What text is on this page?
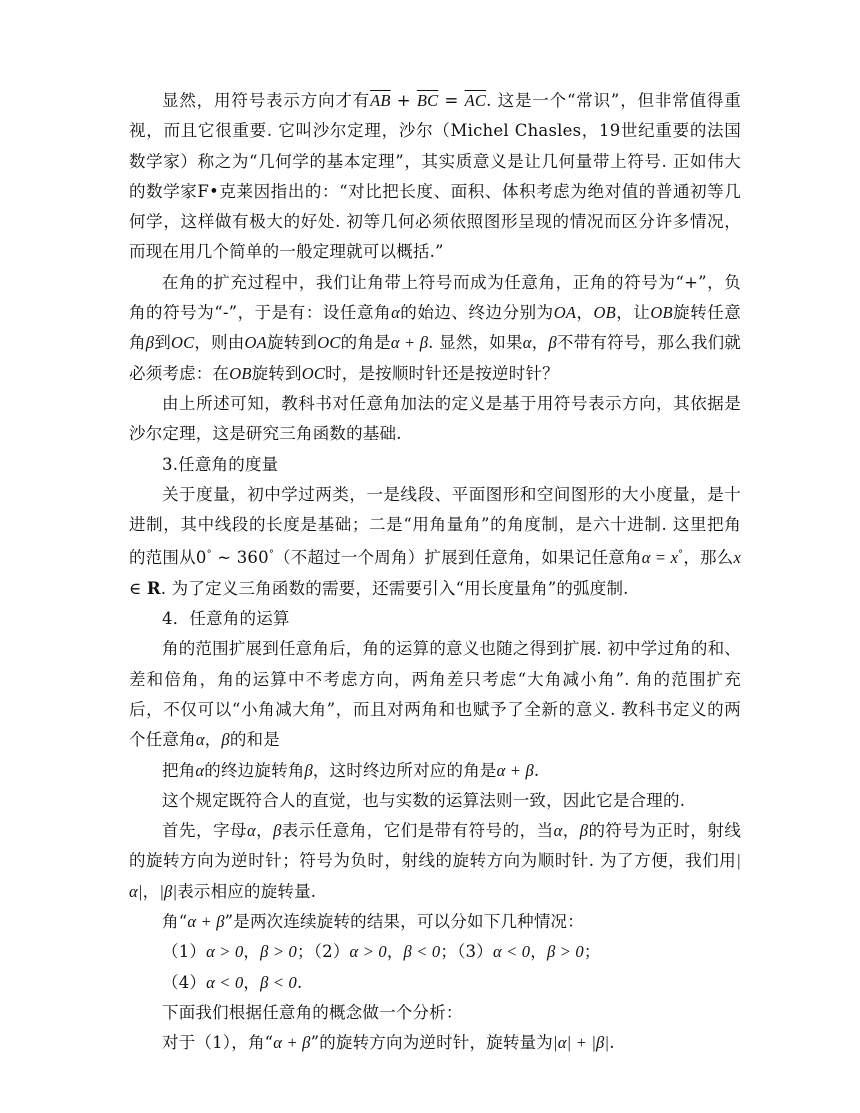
显然，用符号表示方向才有$\overline{AB} + \overline{BC} = \overline{AC}$. 这是一个“常识”，但非常值得重视，而且它很重要. 它叫沙尔定理，沙尔（Michel Chasles，19世纪重要的法国数学家）称之为“几何学的基本定理”，其实质意义是让几何量带上符号. 正如伟大的数学家F•克莱因指出的：“对比把长度、面积、体积考虑为绝对值的普通初等几何学，这样做有极大的好处. 初等几何必须依照图形呈现的情况而区分许多情况，而现在用几个简单的一般定理就可以概括.”

在角的扩充过程中，我们让角带上符号而成为任意角，正角的符号为“+”，负角的符号为“-”，于是有：设任意角α的始边、终边分别为OA，OB，让OB旋转任意角β到OC，则由OA旋转到OC的角是α + β. 显然，如果α，β不带有符号，那么我们就必须考虑：在OB旋转到OC时，是按顺时针还是按逆时针？

由上所述可知，教科书对任意角加法的定义是基于用符号表示方向，其依据是沙尔定理，这是研究三角函数的基础.

3.任意角的度量

关于度量，初中学过两类，一是线段、平面图形和空间图形的大小度量，是十进制，其中线段的长度是基础；二是“用角量角”的角度制，是六十进制. 这里把角的范围从0° ~ 360°（不超过一个周角）扩展到任意角，如果记任意角α = x°，那么x ∈ R. 为了定义三角函数的需要，还需要引入“用长度量角”的弧度制.

4．任意角的运算

角的范围扩展到任意角后，角的运算的意义也随之得到扩展. 初中学过角的和、差和倍角，角的运算中不考虑方向，两角差只考虑“大角减小角”. 角的范围扩充后，不仅可以“小角减大角”，而且对两角和也赋予了全新的意义. 教科书定义的两个任意角α，β的和是

把角α的终边旋转角β，这时终边所对应的角是α + β.

这个规定既符合人的直觉，也与实数的运算法则一致，因此它是合理的.

首先，字母α，β表示任意角，它们是带有符号的，当α，β的符号为正时，射线的旋转方向为逆时针；符号为负时，射线的旋转方向为顺时针. 为了方便，我们用|α|，|β|表示相应的旋转量.

角“α + β”是两次连续旋转的结果，可以分如下几种情况：

（1）α > 0，β > 0；（2）α > 0，β < 0；（3）α < 0，β > 0；

（4）α < 0，β < 0.

下面我们根据任意角的概念做一个分析：

对于（1），角“α + β”的旋转方向为逆时针，旋转量为|α| + |β|.
